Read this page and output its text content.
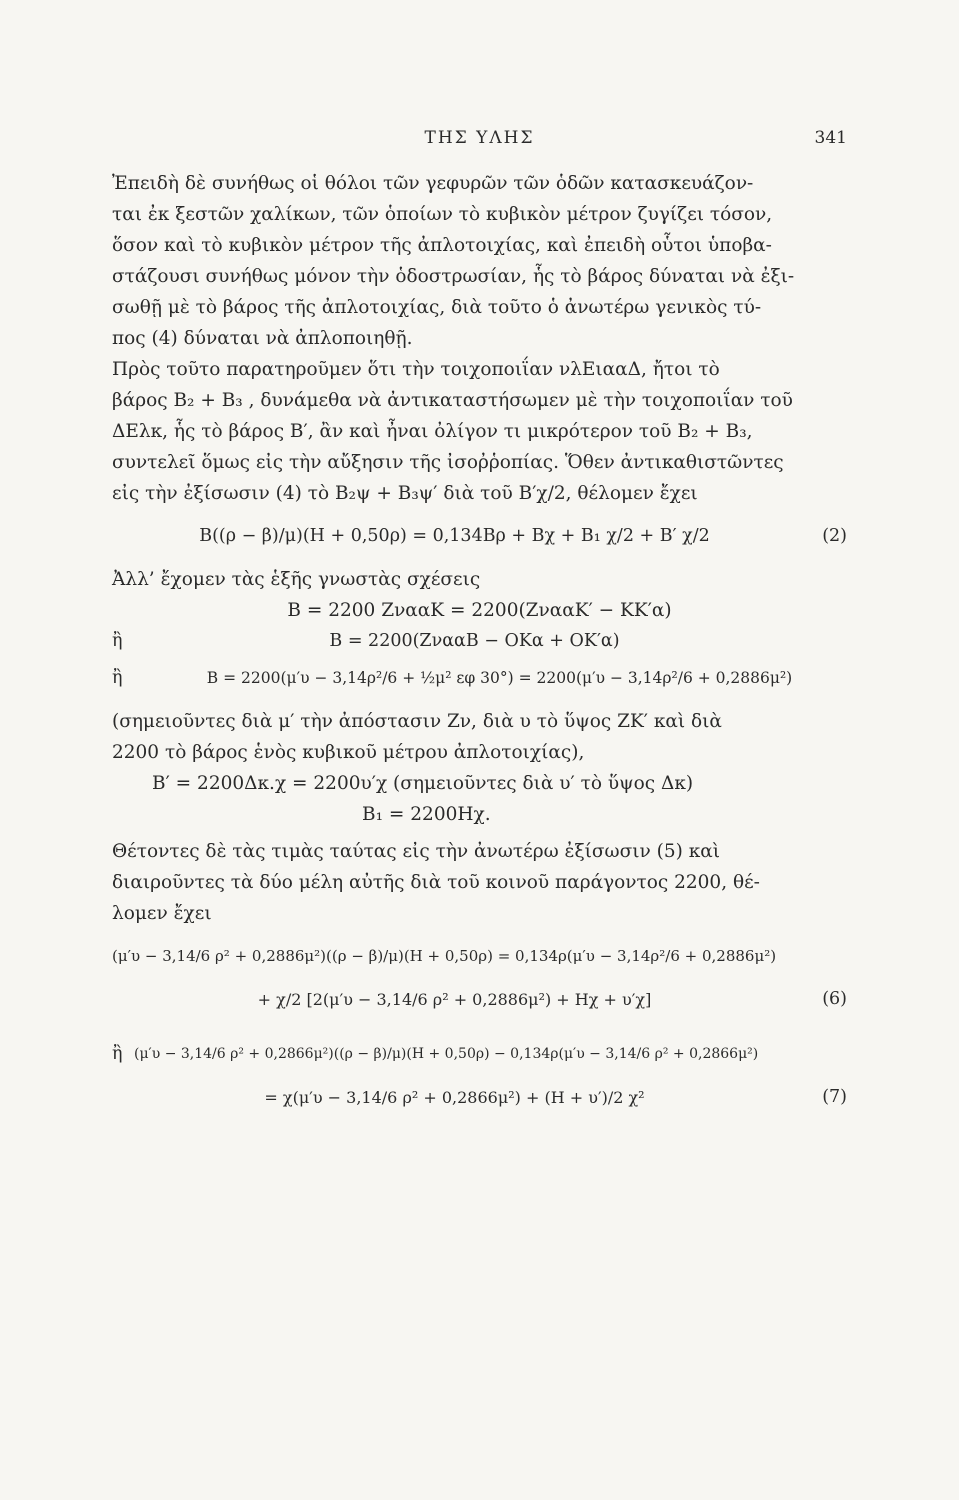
ΤΗΣ ΥΛΗΣ	341
Ἐπειδὴ δὲ συνήθως οἱ θόλοι τῶν γεφυρῶν τῶν ὁδῶν κατασκευάζον-
ται ἐκ ξεστῶν χαλίκων, τῶν ὁποίων τὸ κυβικὸν μέτρον ζυγίζει τόσον,
ὅσον καὶ τὸ κυβικὸν μέτρον τῆς ἀπλοτοιχίας, καὶ ἐπειδὴ οὗτοι ὑποβα-
στάζουσι συνήθως μόνον τὴν ὁδοστρωσίαν, ἧς τὸ βάρος δύναται νὰ ἐξι-
σωθῇ μὲ τὸ βάρος τῆς ἀπλοτοιχίας, διὰ τοῦτο ὁ ἀνωτέρω γενικὸς τύ-
πος (4) δύναται νὰ ἀπλοποιηθῇ.
Πρὸς τοῦτο παρατηροῦμεν ὅτι τὴν τοιχοποιΐαν νλΕιααΔ, ἤτοι τὸ
βάρος B₂ + B₃ , δυνάμεθα νὰ ἀντικαταστήσωμεν μὲ τὴν τοιχοποιΐαν τοῦ
ΔΕλκ, ἧς τὸ βάρος B′, ἂν καὶ ἦναι ὀλίγον τι μικρότερον τοῦ B₂ + B₃,
συντελεῖ ὅμως εἰς τὴν αὔξησιν τῆς ἰσοῤῥοπίας. Ὅθεν ἀντικαθιστῶντες
εἰς τὴν ἐξίσωσιν (4) τὸ B₂ψ + B₃ψ′ διὰ τοῦ B′χ/2, θέλομεν ἔχει
B((ρ − β)/μ)(H + 0,50ρ) = 0,134Bρ + Bχ + B₁ χ/2 + B′ χ/2	(2)
Ἀλλ’ ἔχομεν τὰς ἑξῆς γνωστὰς σχέσεις
B = 2200 ZνααK = 2200(ZνααK′ − KK′α)
ἢ	B = 2200(ZνααB − OKα + OK′α)
ἢ	B = 2200(μ′υ − 3,14ρ²/6 + ½μ² εφ 30°) = 2200(μ′υ − 3,14ρ²/6 + 0,2886μ²)
(σημειοῦντες διὰ μ′ τὴν ἀπόστασιν Zν, διὰ υ τὸ ὕψος ZK′ καὶ διὰ
2200 τὸ βάρος ἑνὸς κυβικοῦ μέτρου ἀπλοτοιχίας),
B′ = 2200Δκ.χ = 2200υ′χ (σημειοῦντες διὰ υ′ τὸ ὕψος Δκ)
B₁ = 2200Hχ.
Θέτοντες δὲ τὰς τιμὰς ταύτας εἰς τὴν ἀνωτέρω ἐξίσωσιν (5) καὶ
διαιροῦντες τὰ δύο μέλη αὐτῆς διὰ τοῦ κοινοῦ παράγοντος 2200, θέ-
λομεν ἔχει
(μ′υ − 3,14/6 ρ² + 0,2886μ²)((ρ − β)/μ)(H + 0,50ρ) = 0,134ρ(μ′υ − 3,14ρ²/6 + 0,2886μ²)
+ χ/2 [2(μ′υ − 3,14/6 ρ² + 0,2886μ²) + Hχ + υ′χ]	(6)
ἢ (μ′υ − 3,14/6 ρ² + 0,2866μ²)((ρ − β)/μ)(H + 0,50ρ) − 0,134ρ(μ′υ − 3,14/6 ρ² + 0,2866μ²)
= χ(μ′υ − 3,14/6 ρ² + 0,2866μ²) + (H + υ′)/2 χ²	(7)
